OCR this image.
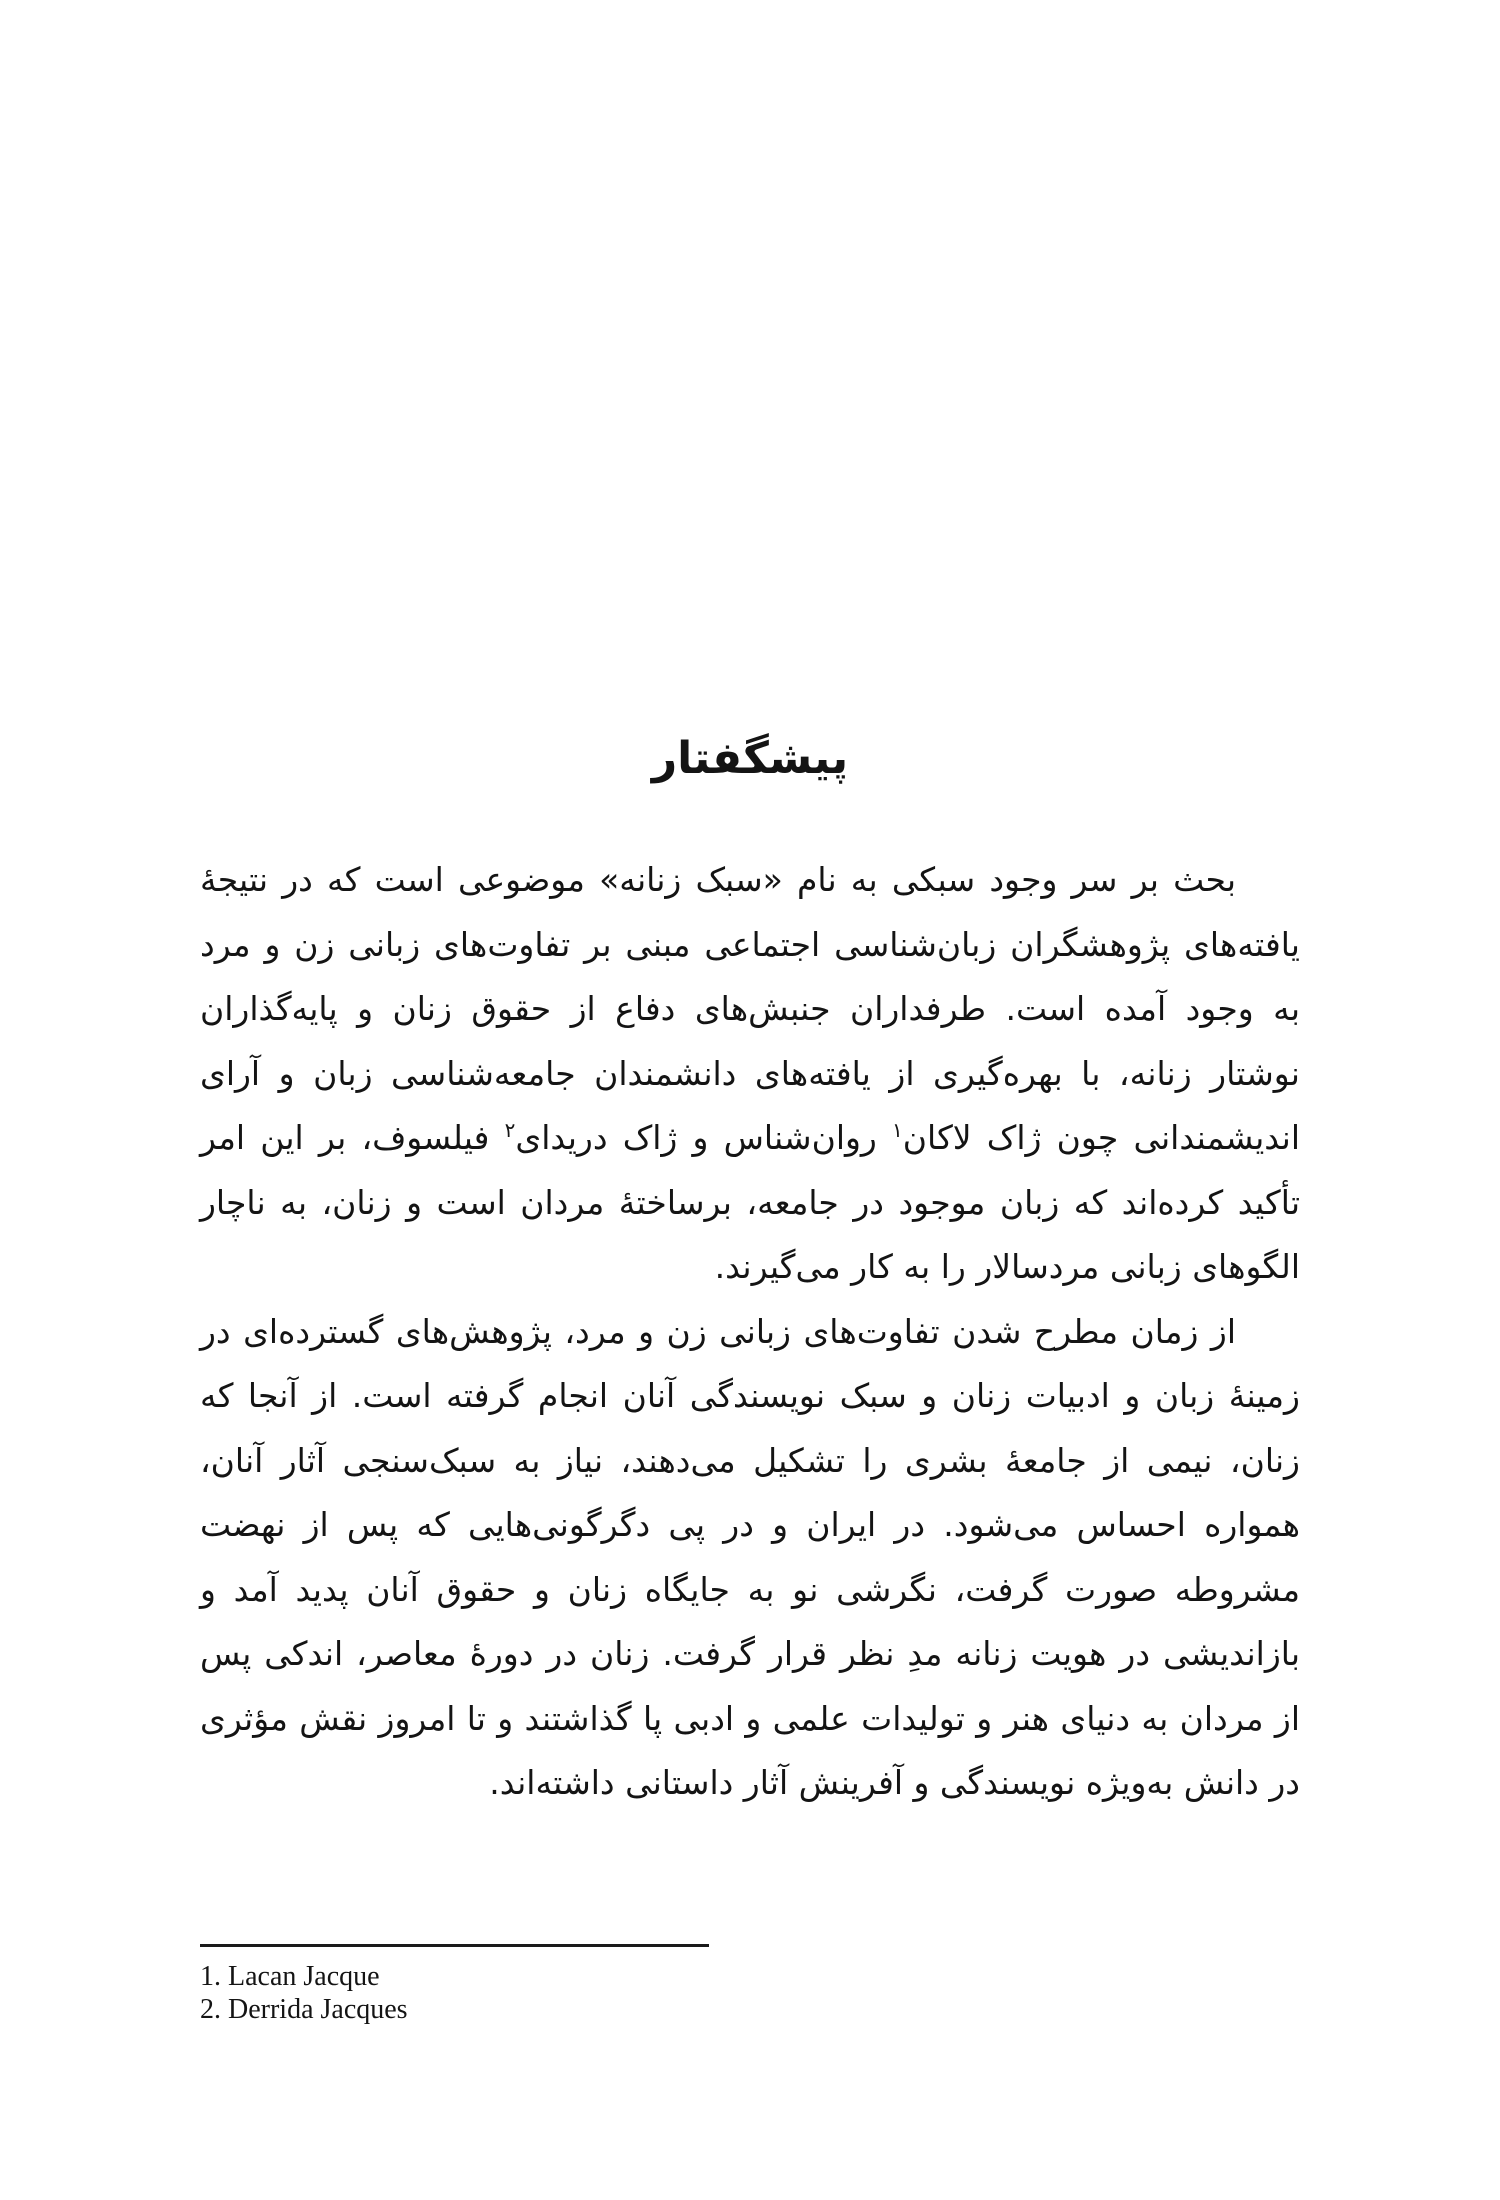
پیشگفتار

بحث بر سر وجود سبکی به نام «سبک زنانه» موضوعی است که در نتیجهٔ یافته‌های پژوهشگران زبان‌شناسی اجتماعی مبنی بر تفاوت‌های زبانی زن و مرد به وجود آمده است. طرفداران جنبش‌های دفاع از حقوق زنان و پایه‌گذاران نوشتار زنانه، با بهره‌گیری از یافته‌های دانشمندان جامعه‌شناسی زبان و آرای اندیشمندانی چون ژاک لاکان$^۱$ روان‌شناس و ژاک دریدای$^۲$ فیلسوف، بر این امر تأکید کرده‌اند که زبان موجود در جامعه، برساختهٔ مردان است و زنان، به ناچار الگوهای زبانی مردسالار را به کار می‌گیرند.

از زمان مطرح شدن تفاوت‌های زبانی زن و مرد، پژوهش‌های گسترده‌ای در زمینهٔ زبان و ادبیات زنان و سبک نویسندگی آنان انجام گرفته است. از آنجا که زنان، نیمی از جامعهٔ بشری را تشکیل می‌دهند، نیاز به سبک‌سنجی آثار آنان، همواره احساس می‌شود. در ایران و در پی دگرگونی‌هایی که پس از نهضت مشروطه صورت گرفت، نگرشی نو به جایگاه زنان و حقوق آنان پدید آمد و بازاندیشی در هویت زنانه مدِ نظر قرار گرفت. زنان در دورهٔ معاصر، اندکی پس از مردان به دنیای هنر و تولیدات علمی و ادبی پا گذاشتند و تا امروز نقش مؤثری در دانش به‌ویژه نویسندگی و آفرینش آثار داستانی داشته‌اند.

1. Lacan Jacque

2. Derrida Jacques
